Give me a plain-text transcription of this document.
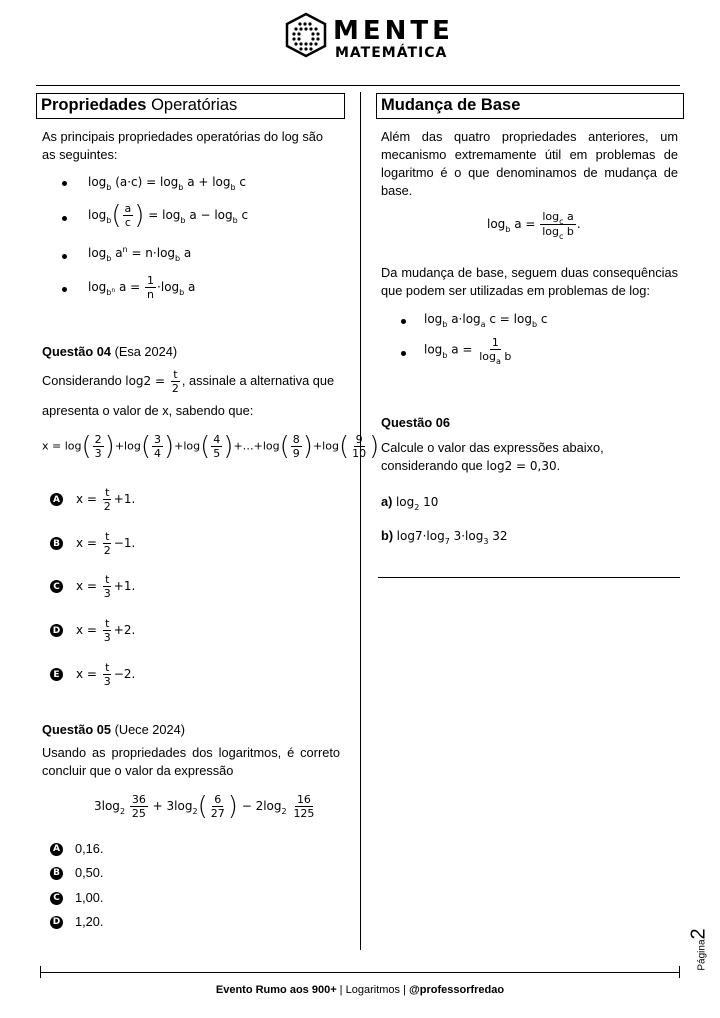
MENTE
MATEMÁTICA
Propriedades Operatórias
As principais propriedades operatórias do log são as seguintes:
$\log_b (a\cdot c) = \log_b a + \log_b c$
$\log_b( \frac{a}{c}$ ) = $\log_b a - \log_b c$
$\log_b a^n = n\cdot\log_b$ a
$\log_{b^n} a = \frac{1}{n} \cdot\log_b$ a
Questão 04 (Esa 2024)
Considerando $\log 2 = \frac{t}{2}$ , assinale a alternativa que
apresenta o valor de x, sabendo que:
$x = \log( \frac{2}{3} )+\log( \frac{3}{4} )+\log( \frac{4}{5}$ )+…+log( $\frac{8}{9} )+\log( \frac{9}{10}$ )
A $x = \frac{t}{2} +1$.
B $x = \frac{t}{2} -1$.
C $x = \frac{t}{3} +1$.
D $x = \frac{t}{3} +2$.
E $x = \frac{t}{3} -2$.
Questão 05 (Uece 2024)
Usando as propriedades dos logaritmos, é correto concluir que o valor da expressão
$3\log_2 \frac{36}{25} + 3\log_2( \frac{6}{27}$ ) − $2\log_2 \frac{16}{125}$
A 0,16.
B 0,50.
C 1,00.
D 1,20.
Mudança de Base
Além das quatro propriedades anteriores, um mecanismo extremamente útil em problemas de logaritmo é o que denominamos de mudança de base.
$\log_b a = \frac{\log_c a}{\log_c b}$ .
Da mudança de base, seguem duas consequências que podem ser utilizadas em problemas de log:
$\log_b a\cdot\log_a$ $c = \log_b c$
$\log_b a = \frac{1}{\log_a b}$
Questão 06
Calcule o valor das expressões abaixo, considerando que log2 = 0,30.
a) $\log_2 10$
b) $\log 7\cdot\log_7$ $3\cdot\log_3$ 32
Página2
Evento Rumo aos 900+ | Logaritmos | @professorfredao
